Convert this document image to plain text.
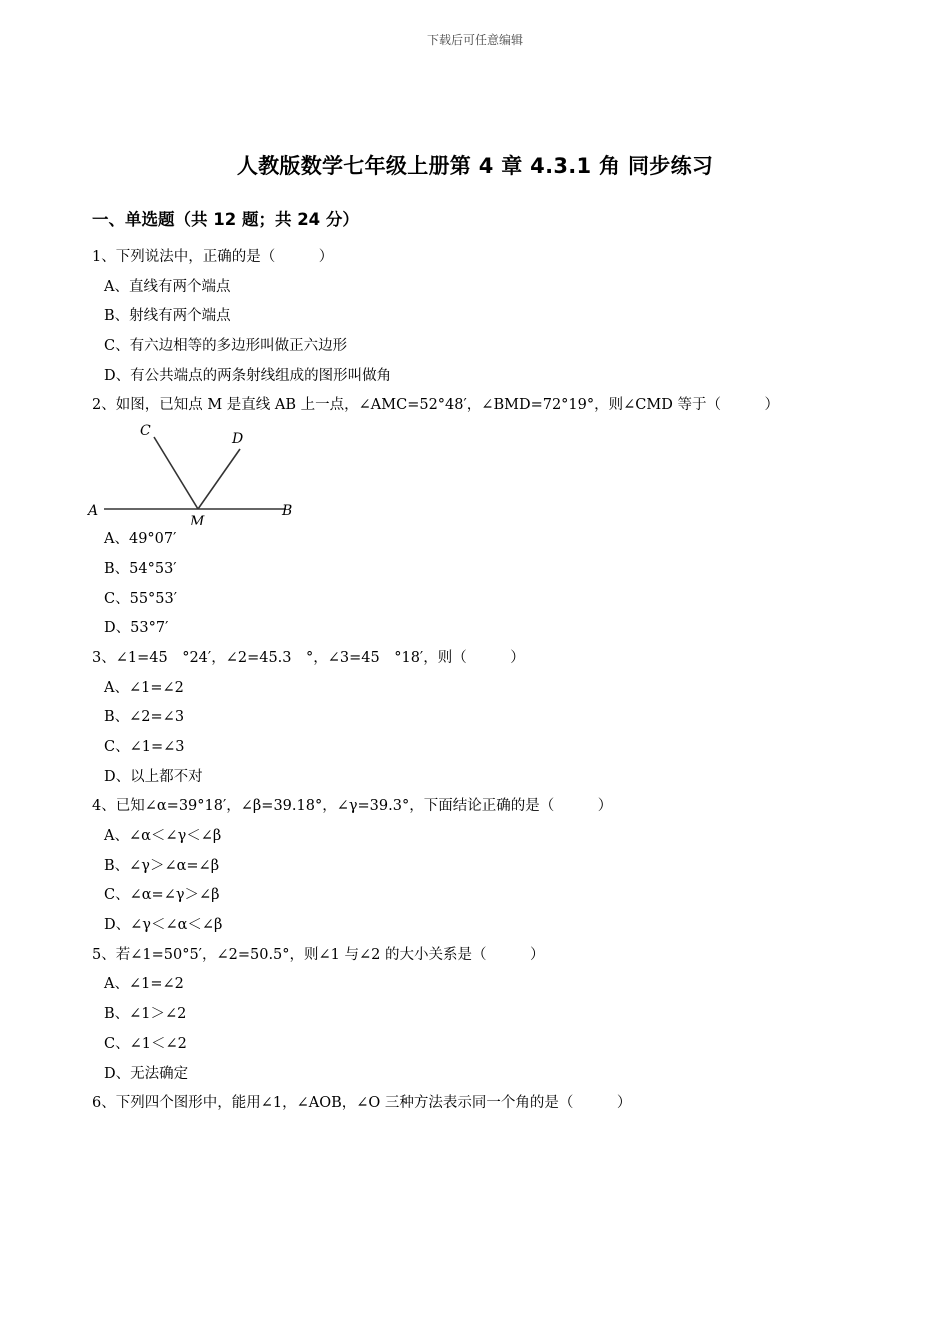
下载后可任意编辑
人教版数学七年级上册第 4 章 4.3.1 角 同步练习
一、单选题（共 12 题；共 24 分）
1、下列说法中，正确的是（　　　）
A、直线有两个端点
B、射线有两个端点
C、有六边相等的多边形叫做正六边形
D、有公共端点的两条射线组成的图形叫做角
2、如图，已知点 M 是直线 AB 上一点，∠AMC=52°48′，∠BMD=72°19°，则∠CMD 等于（　　　）
A	B
C	D
M
A、49°07′
B、54°53′
C、55°53′
D、53°7′
3、∠1=45　°24′，∠2=45.3　°，∠3=45　°18′，则（　　　）
A、∠1=∠2
B、∠2=∠3
C、∠1=∠3
D、以上都不对
4、已知∠α=39°18′，∠β=39.18°，∠γ=39.3°，下面结论正确的是（　　　）
A、∠α＜∠γ＜∠β
B、∠γ＞∠α=∠β
C、∠α=∠γ＞∠β
D、∠γ＜∠α＜∠β
5、若∠1=50°5′，∠2=50.5°，则∠1 与∠2 的大小关系是（　　　）
A、∠1=∠2
B、∠1＞∠2
C、∠1＜∠2
D、无法确定
6、下列四个图形中，能用∠1，∠AOB，∠O 三种方法表示同一个角的是（　　　）
